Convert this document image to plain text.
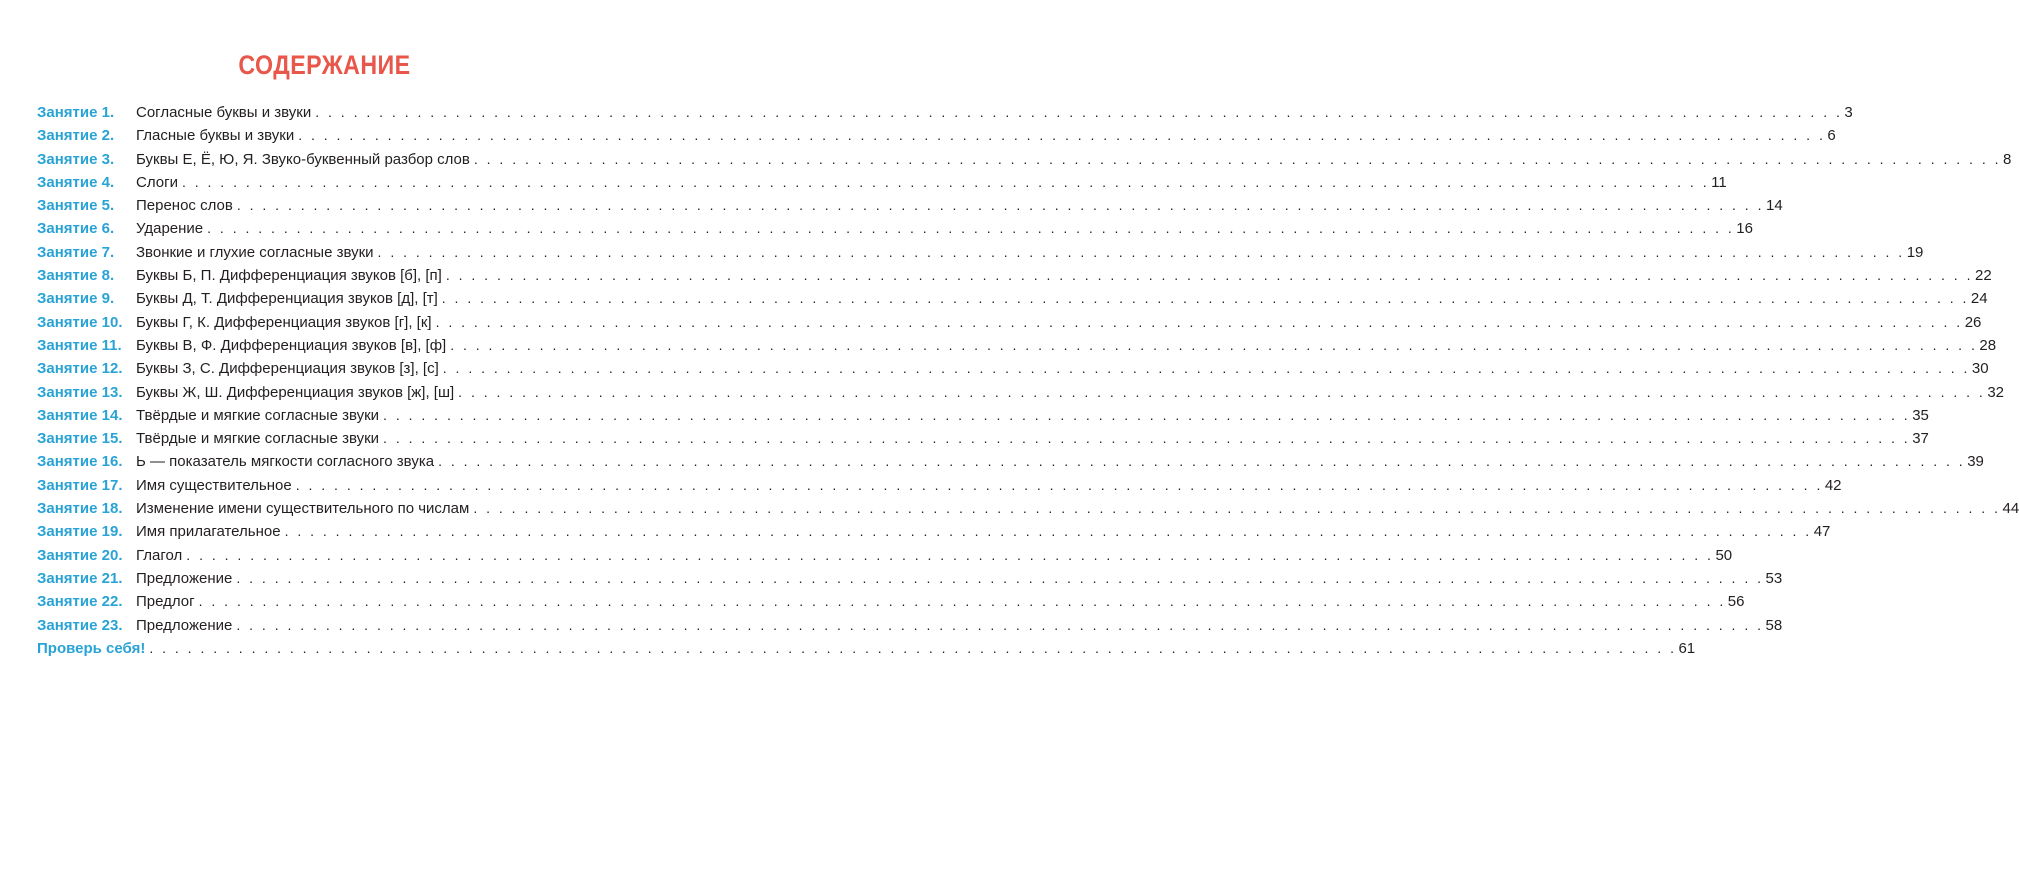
СОДЕРЖАНИЕ
Занятие 1. Согласные буквы и звуки . . . . . . . . . . . . . . . . . . . . . . . . . . . . . . . . . . . . . . . . . . . . . . . . . . . . . . . . . . . . . . . . . . . . . . . . . . . . . . . . . . . . . . . . . . . . . . . . . . . . . . . . . . . . . . . . . . . . . . . . 3
Занятие 2. Гласные буквы и звуки . . . . . . . . . . . . . . . . . . . . . . . . . . . . . . . . . . . . . . . . . . . . . . . . . . . . . . . . . . . . . . . . . . . . . . . . . . . . . . . . . . . . . . . . . . . . . . . . . . . . . . . . . . . . . . . . . . . . . . . . 6
Занятие 3. Буквы Е, Ё, Ю, Я. Звуко-буквенный разбор слов . . . . . . . . . . . . . . . . . . . . . . . . . . . . . . . . . . . . . . . . . . . . . . . . . . . . . . . . . . . . . . . . . . . . . . . . . . . . . . . . . . . . . . . . . . . . . . . . . . . . . . . . . . . . . . . . . . . . . . . . 8
Занятие 4. Слоги . . . . . . . . . . . . . . . . . . . . . . . . . . . . . . . . . . . . . . . . . . . . . . . . . . . . . . . . . . . . . . . . . . . . . . . . . . . . . . . . . . . . . . . . . . . . . . . . . . . . . . . . . . . . . . . . . . . . . . . . 11
Занятие 5. Перенос слов . . . . . . . . . . . . . . . . . . . . . . . . . . . . . . . . . . . . . . . . . . . . . . . . . . . . . . . . . . . . . . . . . . . . . . . . . . . . . . . . . . . . . . . . . . . . . . . . . . . . . . . . . . . . . . . . . . . . . . . . 14
Занятие 6. Ударение . . . . . . . . . . . . . . . . . . . . . . . . . . . . . . . . . . . . . . . . . . . . . . . . . . . . . . . . . . . . . . . . . . . . . . . . . . . . . . . . . . . . . . . . . . . . . . . . . . . . . . . . . . . . . . . . . . . . . . . . 16
Занятие 7. Звонкие и глухие согласные звуки . . . . . . . . . . . . . . . . . . . . . . . . . . . . . . . . . . . . . . . . . . . . . . . . . . . . . . . . . . . . . . . . . . . . . . . . . . . . . . . . . . . . . . . . . . . . . . . . . . . . . . . . . . . . . . . . . . . . . . . . 19
Занятие 8. Буквы Б, П. Дифференциация звуков [б], [п] . . . . . . . . . . . . . . . . . . . . . . . . . . . . . . . . . . . . . . . . . . . . . . . . . . . . . . . . . . . . . . . . . . . . . . . . . . . . . . . . . . . . . . . . . . . . . . . . . . . . . . . . . . . . . . . . . . . . . . . . 22
Занятие 9. Буквы Д, Т. Дифференциация звуков [д], [т] . . . . . . . . . . . . . . . . . . . . . . . . . . . . . . . . . . . . . . . . . . . . . . . . . . . . . . . . . . . . . . . . . . . . . . . . . . . . . . . . . . . . . . . . . . . . . . . . . . . . . . . . . . . . . . . . . . . . . . . . 24
Занятие 10. Буквы Г, К. Дифференциация звуков [г], [к] . . . . . . . . . . . . . . . . . . . . . . . . . . . . . . . . . . . . . . . . . . . . . . . . . . . . . . . . . . . . . . . . . . . . . . . . . . . . . . . . . . . . . . . . . . . . . . . . . . . . . . . . . . . . . . . . . . . . . . . . 26
Занятие 11. Буквы В, Ф. Дифференциация звуков [в], [ф] . . . . . . . . . . . . . . . . . . . . . . . . . . . . . . . . . . . . . . . . . . . . . . . . . . . . . . . . . . . . . . . . . . . . . . . . . . . . . . . . . . . . . . . . . . . . . . . . . . . . . . . . . . . . . . . . . . . . . . . . 28
Занятие 12. Буквы З, С. Дифференциация звуков [з], [с] . . . . . . . . . . . . . . . . . . . . . . . . . . . . . . . . . . . . . . . . . . . . . . . . . . . . . . . . . . . . . . . . . . . . . . . . . . . . . . . . . . . . . . . . . . . . . . . . . . . . . . . . . . . . . . . . . . . . . . . . 30
Занятие 13. Буквы Ж, Ш. Дифференциация звуков [ж], [ш] . . . . . . . . . . . . . . . . . . . . . . . . . . . . . . . . . . . . . . . . . . . . . . . . . . . . . . . . . . . . . . . . . . . . . . . . . . . . . . . . . . . . . . . . . . . . . . . . . . . . . . . . . . . . . . . . . . . . . . . . 32
Занятие 14. Твёрдые и мягкие согласные звуки . . . . . . . . . . . . . . . . . . . . . . . . . . . . . . . . . . . . . . . . . . . . . . . . . . . . . . . . . . . . . . . . . . . . . . . . . . . . . . . . . . . . . . . . . . . . . . . . . . . . . . . . . . . . . . . . . . . . . . . . 35
Занятие 15. Твёрдые и мягкие согласные звуки . . . . . . . . . . . . . . . . . . . . . . . . . . . . . . . . . . . . . . . . . . . . . . . . . . . . . . . . . . . . . . . . . . . . . . . . . . . . . . . . . . . . . . . . . . . . . . . . . . . . . . . . . . . . . . . . . . . . . . . . 37
Занятие 16. Ь — показатель мягкости согласного звука . . . . . . . . . . . . . . . . . . . . . . . . . . . . . . . . . . . . . . . . . . . . . . . . . . . . . . . . . . . . . . . . . . . . . . . . . . . . . . . . . . . . . . . . . . . . . . . . . . . . . . . . . . . . . . . . . . . . . . . . 39
Занятие 17. Имя существительное . . . . . . . . . . . . . . . . . . . . . . . . . . . . . . . . . . . . . . . . . . . . . . . . . . . . . . . . . . . . . . . . . . . . . . . . . . . . . . . . . . . . . . . . . . . . . . . . . . . . . . . . . . . . . . . . . . . . . . . . 42
Занятие 18. Изменение имени существительного по числам . . . . . . . . . . . . . . . . . . . . . . . . . . . . . . . . . . . . . . . . . . . . . . . . . . . . . . . . . . . . . . . . . . . . . . . . . . . . . . . . . . . . . . . . . . . . . . . . . . . . . . . . . . . . . . . . . . . . . . . . 44
Занятие 19. Имя прилагательное . . . . . . . . . . . . . . . . . . . . . . . . . . . . . . . . . . . . . . . . . . . . . . . . . . . . . . . . . . . . . . . . . . . . . . . . . . . . . . . . . . . . . . . . . . . . . . . . . . . . . . . . . . . . . . . . . . . . . . . . 47
Занятие 20. Глагол . . . . . . . . . . . . . . . . . . . . . . . . . . . . . . . . . . . . . . . . . . . . . . . . . . . . . . . . . . . . . . . . . . . . . . . . . . . . . . . . . . . . . . . . . . . . . . . . . . . . . . . . . . . . . . . . . . . . . . . . 50
Занятие 21. Предложение . . . . . . . . . . . . . . . . . . . . . . . . . . . . . . . . . . . . . . . . . . . . . . . . . . . . . . . . . . . . . . . . . . . . . . . . . . . . . . . . . . . . . . . . . . . . . . . . . . . . . . . . . . . . . . . . . . . . . . . . 53
Занятие 22. Предлог . . . . . . . . . . . . . . . . . . . . . . . . . . . . . . . . . . . . . . . . . . . . . . . . . . . . . . . . . . . . . . . . . . . . . . . . . . . . . . . . . . . . . . . . . . . . . . . . . . . . . . . . . . . . . . . . . . . . . . . . 56
Занятие 23. Предложение . . . . . . . . . . . . . . . . . . . . . . . . . . . . . . . . . . . . . . . . . . . . . . . . . . . . . . . . . . . . . . . . . . . . . . . . . . . . . . . . . . . . . . . . . . . . . . . . . . . . . . . . . . . . . . . . . . . . . . . . 58
Проверь себя! . . . . . . . . . . . . . . . . . . . . . . . . . . . . . . . . . . . . . . . . . . . . . . . . . . . . . . . . . . . . . . . . . . . . . . . . . . . . . . . . . . . . . . . . . . . . . . . . . . . . . . . . . . . . . . . . . . . . . . . . 61
